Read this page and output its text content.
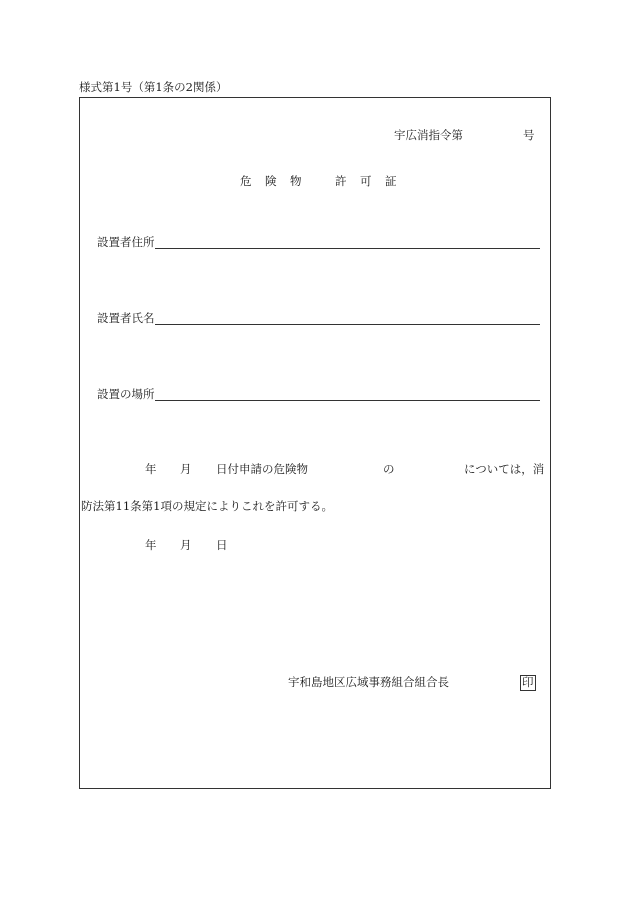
様式第1号（第1条の2関係）
宇広消指令第	号
危　険　物	許　可　証
設置者住所
設置者氏名
設置の場所
年 月 日付申請の危険物	の	については，消
防法第11条第1項の規定によりこれを許可する。
年 月 日
宇和島地区広域事務組合組合長	印
